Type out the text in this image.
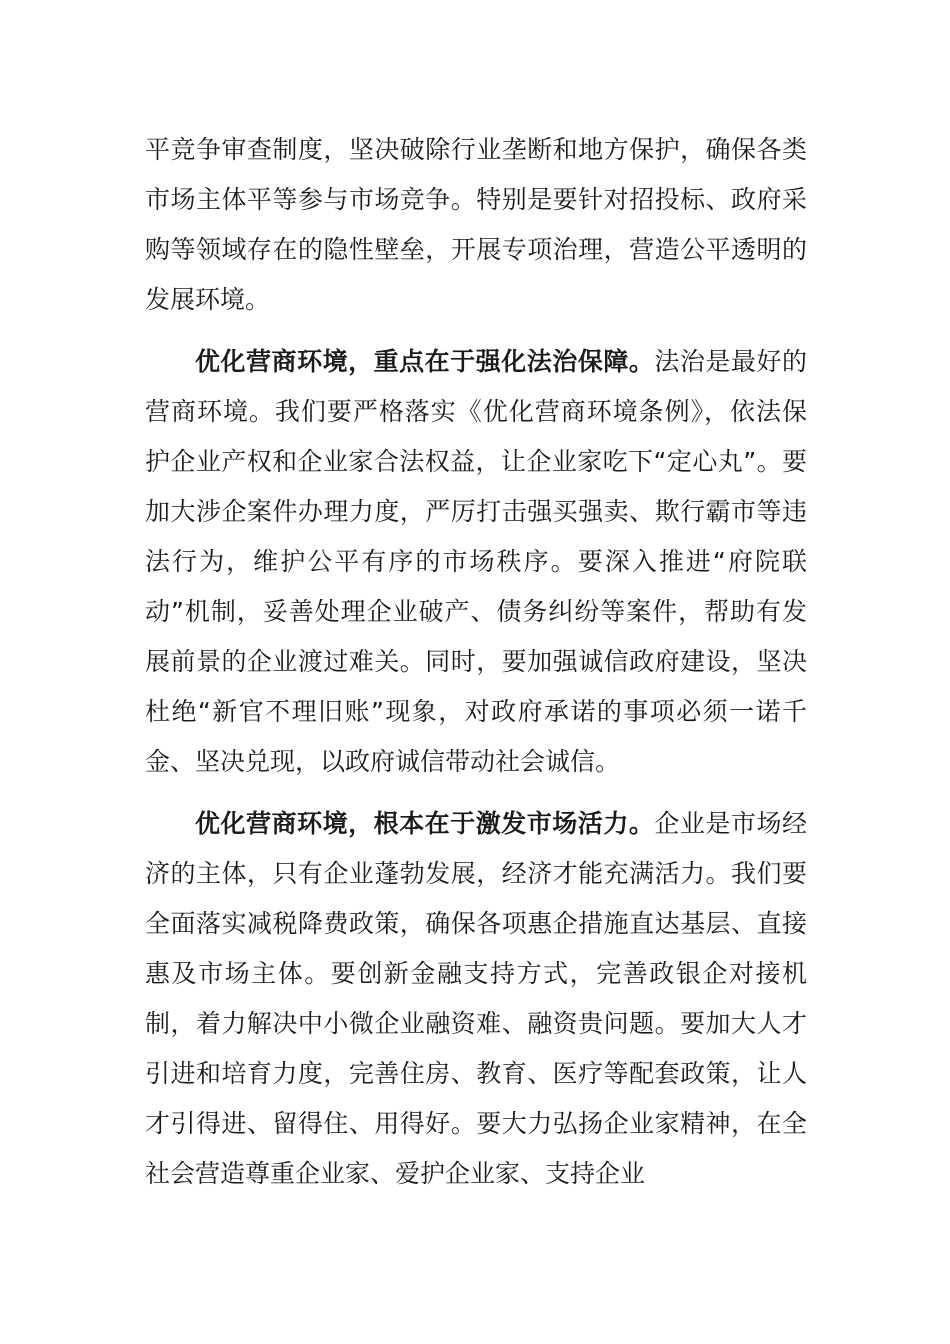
平竞争审查制度，坚决破除行业垄断和地方保护，确保各类市场主体平等参与市场竞争。特别是要针对招投标、政府采购等领域存在的隐性壁垒，开展专项治理，营造公平透明的发展环境。

优化营商环境，重点在于强化法治保障。法治是最好的营商环境。我们要严格落实《优化营商环境条例》，依法保护企业产权和企业家合法权益，让企业家吃下“定心丸”。要加大涉企案件办理力度，严厉打击强买强卖、欺行霸市等违法行为，维护公平有序的市场秩序。要深入推进“府院联动”机制，妥善处理企业破产、债务纠纷等案件，帮助有发展前景的企业渡过难关。同时，要加强诚信政府建设，坚决杜绝“新官不理旧账”现象，对政府承诺的事项必须一诺千金、坚决兑现，以政府诚信带动社会诚信。

优化营商环境，根本在于激发市场活力。企业是市场经济的主体，只有企业蓬勃发展，经济才能充满活力。我们要全面落实减税降费政策，确保各项惠企措施直达基层、直接惠及市场主体。要创新金融支持方式，完善政银企对接机制，着力解决中小微企业融资难、融资贵问题。要加大人才引进和培育力度，完善住房、教育、医疗等配套政策，让人才引得进、留得住、用得好。要大力弘扬企业家精神，在全社会营造尊重企业家、爱护企业家、支持企业
